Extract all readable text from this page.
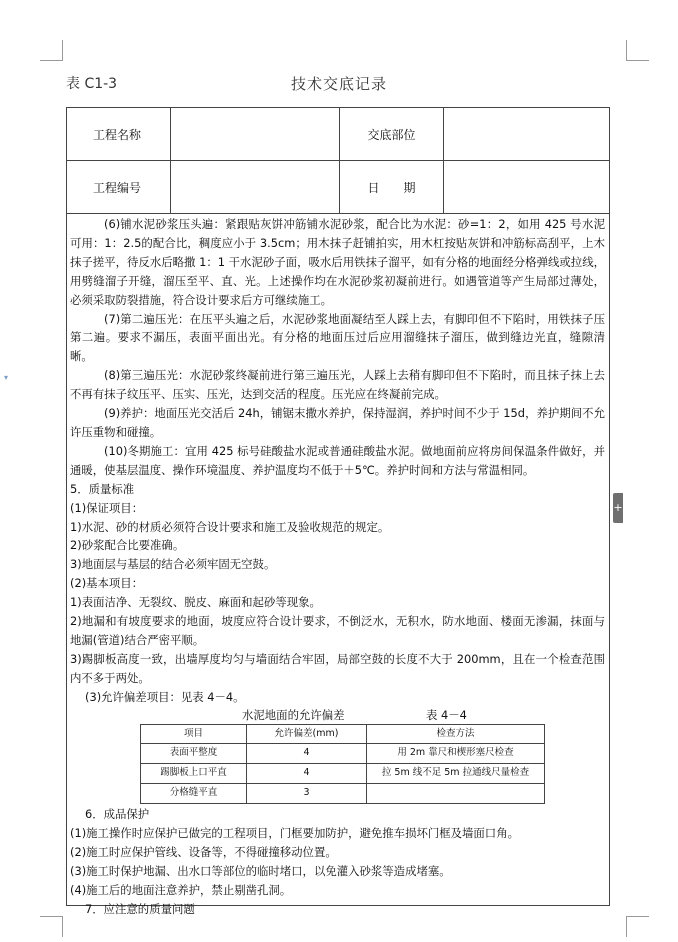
表 C1-3	技术交底记录
工程名称		交底部位	
工程编号		日　　期	

(6)铺水泥砂浆压头遍：紧跟贴灰饼冲筋铺水泥砂浆，配合比为水泥：砂=1：2，如用 425 号水泥可用：1：2.5的配合比，稠度应小于 3.5cm；用木抹子赶铺拍实，用木杠按贴灰饼和冲筋标高刮平，上木抹子搓平，待反水后略撒 1：1 干水泥砂子面，吸水后用铁抹子溜平，如有分格的地面经分格弹线或拉线，用劈缝溜子开缝，溜压至平、直、光。上述操作均在水泥砂浆初凝前进行。如遇管道等产生局部过薄处，必须采取防裂措施，符合设计要求后方可继续施工。

(7)第二遍压光：在压平头遍之后，水泥砂浆地面凝结至人踩上去，有脚印但不下陷时，用铁抹子压第二遍。要求不漏压，表面平面出光。有分格的地面压过后应用溜缝抹子溜压，做到缝边光直，缝隙清晰。

(8)第三遍压光：水泥砂浆终凝前进行第三遍压光，人踩上去稍有脚印但不下陷时，而且抹子抹上去不再有抹子纹压平、压实、压光，达到交活的程度。压光应在终凝前完成。

(9)养护：地面压光交活后 24h，铺锯末撒水养护，保持湿润，养护时间不少于 15d，养护期间不允许压重物和碰撞。

(10)冬期施工：宜用 425 标号硅酸盐水泥或普通硅酸盐水泥。做地面前应将房间保温条件做好，并通暖，使基层温度、操作环境温度、养护温度均不低于＋5℃。养护时间和方法与常温相同。

5．质量标准

(1)保证项目：

1)水泥、砂的材质必须符合设计要求和施工及验收规范的规定。

2)砂浆配合比要准确。

3)地面层与基层的结合必须牢固无空鼓。

(2)基本项目：

1)表面洁净、无裂纹、脱皮、麻面和起砂等现象。

2)地漏和有坡度要求的地面，坡度应符合设计要求，不倒泛水，无积水，防水地面、楼面无渗漏，抹面与地漏(管道)结合严密平顺。

3)踢脚板高度一致，出墙厚度均匀与墙面结合牢固，局部空鼓的长度不大于 200mm，且在一个检查范围内不多于两处。

(3)允许偏差项目：见表 4－4。

水泥地面的允许偏差	表 4－4
项目	允许偏差(mm)	检查方法
表面平整度	4	用 2m 靠尺和楔形塞尺检查
踢脚板上口平直	4	拉 5m 线不足 5m 拉通线尺量检查
分格缝平直	3	

6．成品保护

(1)施工操作时应保护已做完的工程项目，门框要加防护，避免推车损坏门框及墙面口角。

(2)施工时应保护管线、设备等，不得碰撞移动位置。

(3)施工时保护地漏、出水口等部位的临时堵口，以免灌入砂浆等造成堵塞。

(4)施工后的地面注意养护，禁止剔凿孔洞。

7．应注意的质量问题

+
▾
